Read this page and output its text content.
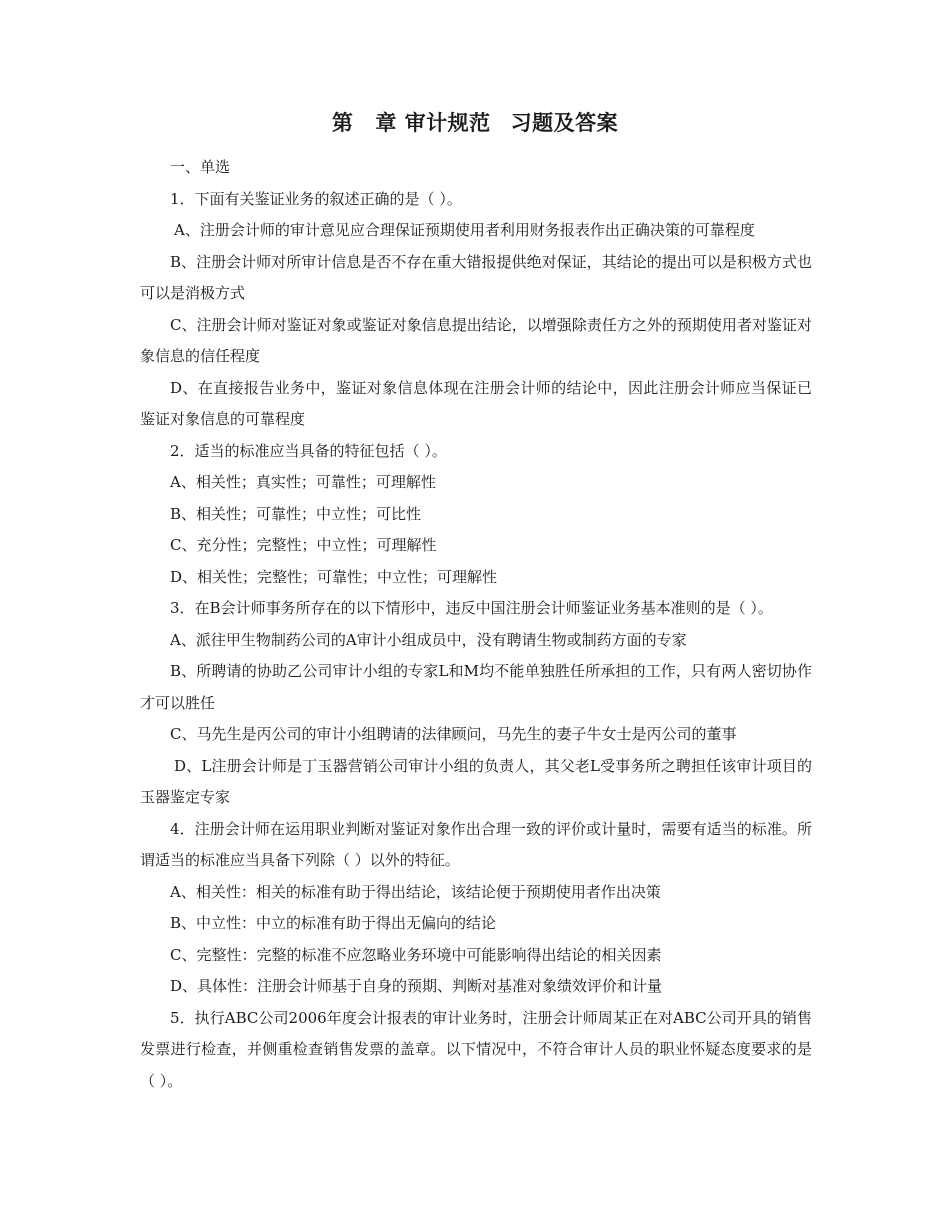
第 章 审计规范 习题及答案

一、单选

1．下面有关鉴证业务的叙述正确的是（ ）。

A、注册会计师的审计意见应合理保证预期使用者利用财务报表作出正确决策的可靠程度

B、注册会计师对所审计信息是否不存在重大错报提供绝对保证，其结论的提出可以是积极方式也可以是消极方式

C、注册会计师对鉴证对象或鉴证对象信息提出结论，以增强除责任方之外的预期使用者对鉴证对象信息的信任程度

D、在直接报告业务中，鉴证对象信息体现在注册会计师的结论中，因此注册会计师应当保证已鉴证对象信息的可靠程度

2．适当的标准应当具备的特征包括（ ）。

A、相关性；真实性；可靠性；可理解性

B、相关性；可靠性；中立性；可比性

C、充分性；完整性；中立性；可理解性

D、相关性；完整性；可靠性；中立性；可理解性

3．在B会计师事务所存在的以下情形中，违反中国注册会计师鉴证业务基本准则的是（ ）。

A、派往甲生物制药公司的A审计小组成员中，没有聘请生物或制药方面的专家

B、所聘请的协助乙公司审计小组的专家L和M均不能单独胜任所承担的工作，只有两人密切协作才可以胜任

C、马先生是丙公司的审计小组聘请的法律顾问，马先生的妻子牛女士是丙公司的董事

D、L注册会计师是丁玉器营销公司审计小组的负责人，其父老L受事务所之聘担任该审计项目的玉器鉴定专家

4．注册会计师在运用职业判断对鉴证对象作出合理一致的评价或计量时，需要有适当的标准。所谓适当的标准应当具备下列除（ ）以外的特征。

A、相关性：相关的标准有助于得出结论，该结论便于预期使用者作出决策

B、中立性：中立的标准有助于得出无偏向的结论

C、完整性：完整的标准不应忽略业务环境中可能影响得出结论的相关因素

D、具体性：注册会计师基于自身的预期、判断对基准对象绩效评价和计量

5．执行ABC公司2006年度会计报表的审计业务时，注册会计师周某正在对ABC公司开具的销售发票进行检查，并侧重检查销售发票的盖章。以下情况中，不符合审计人员的职业怀疑态度要求的是（ ）。
